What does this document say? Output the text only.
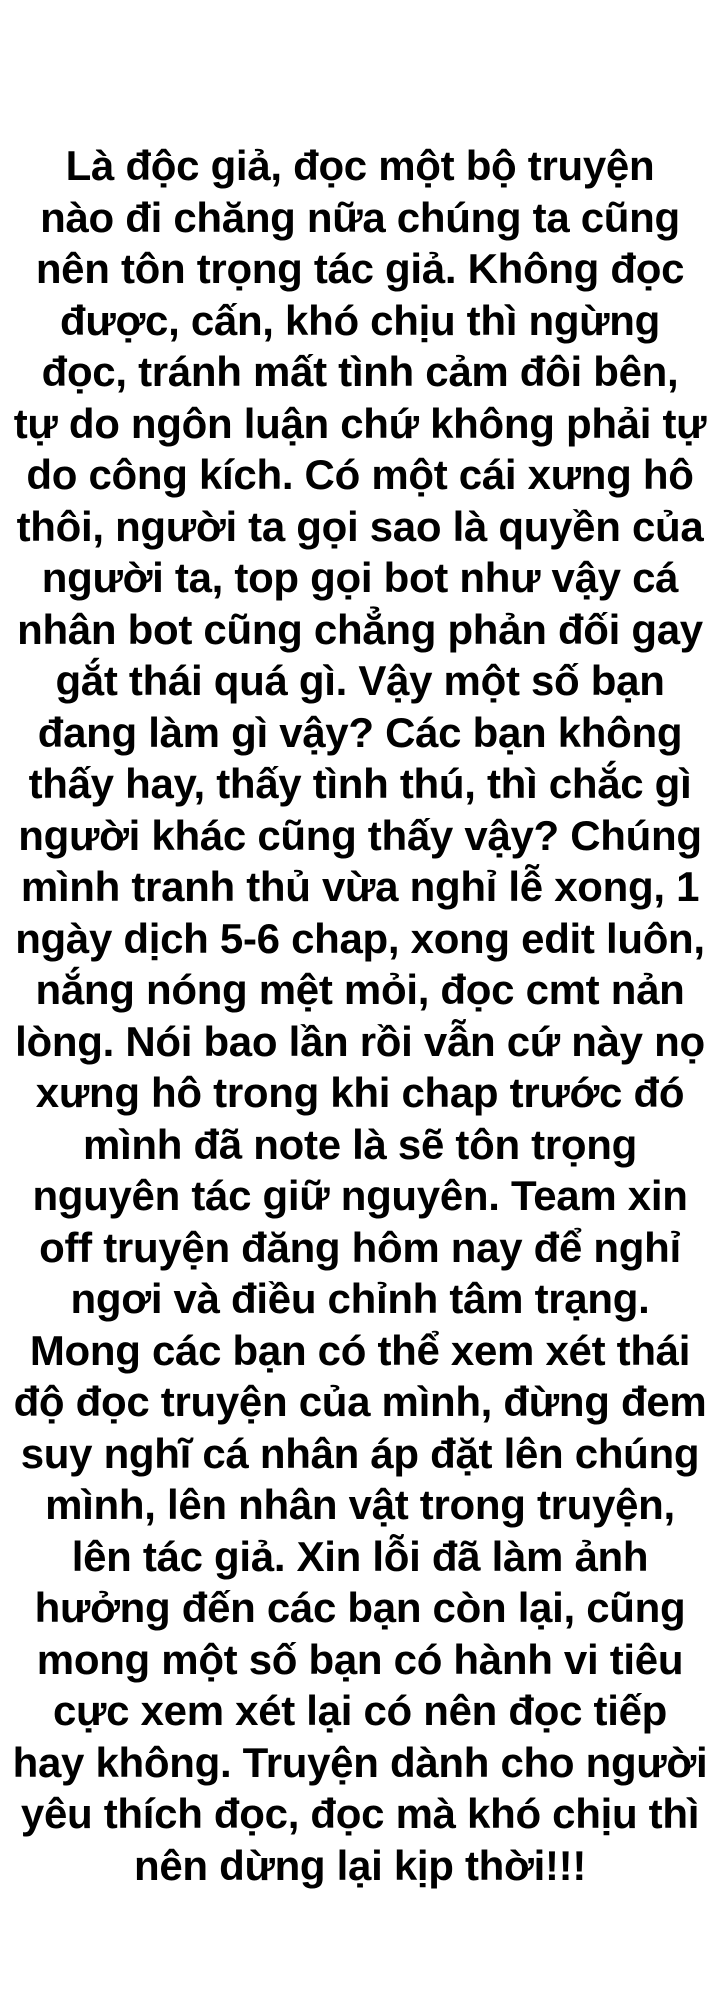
Là độc giả, đọc một bộ truyện
nào đi chăng nữa chúng ta cũng
nên tôn trọng tác giả. Không đọc
được, cấn, khó chịu thì ngừng
đọc, tránh mất tình cảm đôi bên,
tự do ngôn luận chứ không phải tự
do công kích. Có một cái xưng hô
thôi, người ta gọi sao là quyền của
người ta, top gọi bot như vậy cá
nhân bot cũng chẳng phản đối gay
gắt thái quá gì. Vậy một số bạn
đang làm gì vậy? Các bạn không
thấy hay, thấy tình thú, thì chắc gì
người khác cũng thấy vậy? Chúng
mình tranh thủ vừa nghỉ lễ xong, 1
ngày dịch 5-6 chap, xong edit luôn,
nắng nóng mệt mỏi, đọc cmt nản
lòng. Nói bao lần rồi vẫn cứ này nọ
xưng hô trong khi chap trước đó
mình đã note là sẽ tôn trọng
nguyên tác giữ nguyên. Team xin
off truyện đăng hôm nay để nghỉ
ngơi và điều chỉnh tâm trạng.
Mong các bạn có thể xem xét thái
độ đọc truyện của mình, đừng đem
suy nghĩ cá nhân áp đặt lên chúng
mình, lên nhân vật trong truyện,
lên tác giả. Xin lỗi đã làm ảnh
hưởng đến các bạn còn lại, cũng
mong một số bạn có hành vi tiêu
cực xem xét lại có nên đọc tiếp
hay không. Truyện dành cho người
yêu thích đọc, đọc mà khó chịu thì
nên dừng lại kịp thời!!!
